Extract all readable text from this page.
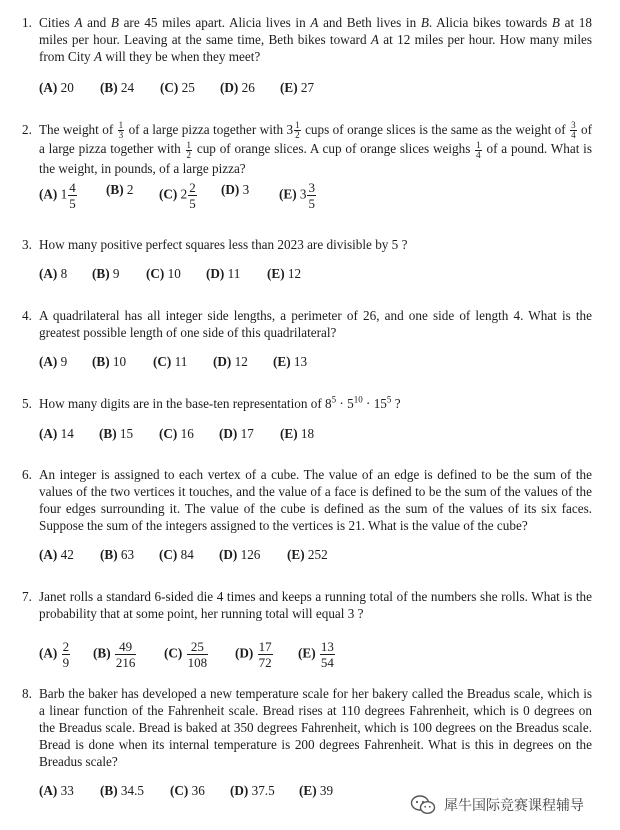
1. Cities A and B are 45 miles apart. Alicia lives in A and Beth lives in B. Alicia bikes towards B at 18 miles per hour. Leaving at the same time, Beth bikes toward A at 12 miles per hour. How many miles from City A will they be when they meet?
(A) 20 (B) 24 (C) 25 (D) 26 (E) 27
2. The weight of $\frac{1}{3}$ of a large pizza together with $3 \frac{1}{2}$ cups of orange slices is the same as the weight of $\frac{3}{4}$ of a large pizza together with $\frac{1}{2}$ cup of orange slices. A cup of orange slices weighs $\frac{1}{4}$ of a pound. What is the weight, in pounds, of a large pizza?
(A) $1 \frac{4}{5} (B)$ 2 (C) $2 \frac{2}{5} (D)$ 3 (E) $3 \frac{3}{5}$
3. How many positive perfect squares less than 2023 are divisible by 5 ?
(A) 8 (B) 9 (C) 10 (D) 11 (E) 12
4. A quadrilateral has all integer side lengths, a perimeter of 26, and one side of length 4. What is the greatest possible length of one side of this quadrilateral?
(A) 9 (B) 10 (C) 11 (D) 12 (E) 13
5. How many digits are in the base-ten representation of $8^5 \cdot 5^{10} \cdot 15^5$ ?
(A) 14 (B) 15 (C) 16 (D) 17 (E) 18
6. An integer is assigned to each vertex of a cube. The value of an edge is defined to be the sum of the values of the two vertices it touches, and the value of a face is defined to be the sum of the values of the four edges surrounding it. The value of the cube is defined as the sum of the values of its six faces. Suppose the sum of the integers assigned to the vertices is 21. What is the value of the cube?
(A) 42 (B) 63 (C) 84 (D) 126 (E) 252
7. Janet rolls a standard 6-sided die 4 times and keeps a running total of the numbers she rolls. What is the probability that at some point, her running total will equal 3 ?
$(A) \frac{2}{9} (B) \frac{49}{216} (C) \frac{25}{108} (D) \frac{17}{72} (E) \frac{13}{54}$
8. Barb the baker has developed a new temperature scale for her bakery called the Breadus scale, which is a linear function of the Fahrenheit scale. Bread rises at 110 degrees Fahrenheit, which is 0 degrees on the Breadus scale. Bread is baked at 350 degrees Fahrenheit, which is 100 degrees on the Breadus scale. Bread is done when its internal temperature is 200 degrees Fahrenheit. What is this in degrees on the Breadus scale?
(A) 33 (B) 34.5 (C) 36 (D) 37.5 (E) 39
犀牛国际竞赛课程辅导
